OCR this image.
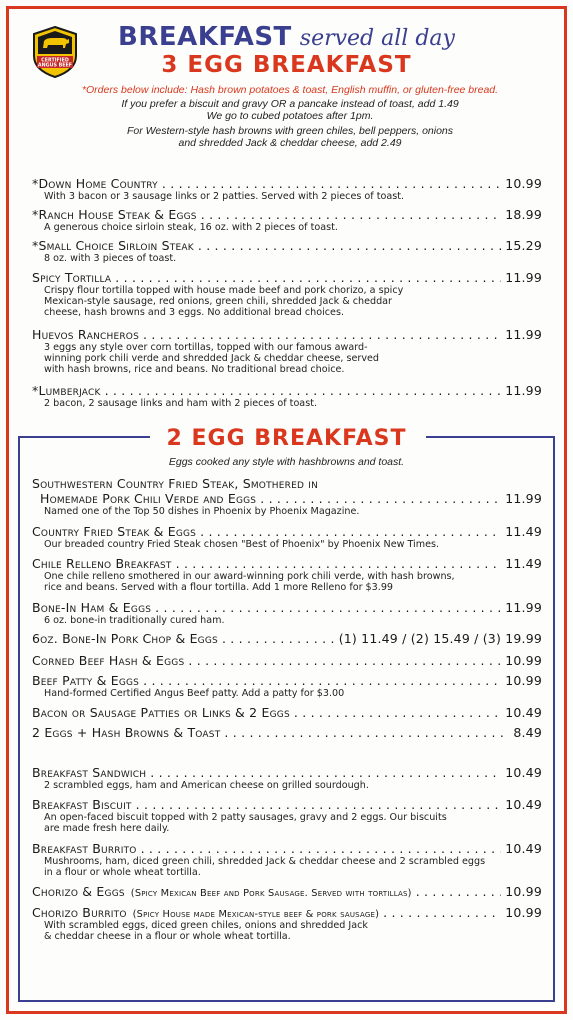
CERTIFIED
ANGUS BEEF
BREAKFAST served all day
3 EGG BREAKFAST
*Orders below include: Hash brown potatoes & toast, English muffin, or gluten-free bread.
If you prefer a biscuit and gravy OR a pancake instead of toast, add 1.49
We go to cubed potatoes after 1pm.
For Western-style hash browns with green chiles, bell peppers, onions
and shredded Jack & cheddar cheese, add 2.49
*Down Home Country . . .	10.99
With 3 bacon or 3 sausage links or 2 patties. Served with 2 pieces of toast.
*Ranch House Steak & Eggs . . .	18.99
A generous choice sirloin steak, 16 oz. with 2 pieces of toast.
*Small Choice Sirloin Steak . . .	15.29
8 oz. with 3 pieces of toast.
Spicy Tortilla . . .	11.99
Crispy flour tortilla topped with house made beef and pork chorizo, a spicy
Mexican-style sausage, red onions, green chili, shredded Jack & cheddar
cheese, hash browns and 3 eggs. No additional bread choices.
Huevos Rancheros . . .	11.99
3 eggs any style over corn tortillas, topped with our famous award-
winning pork chili verde and shredded Jack & cheddar cheese, served
with hash browns, rice and beans. No traditional bread choice.
*Lumberjack . . .	11.99
2 bacon, 2 sausage links and ham with 2 pieces of toast.
2 EGG BREAKFAST
Eggs cooked any style with hashbrowns and toast.
Southwestern Country Fried Steak, Smothered in
Homemade Pork Chili Verde and Eggs . . .	11.99
Named one of the Top 50 dishes in Phoenix by Phoenix Magazine.
Country Fried Steak & Eggs . . .	11.49
Our breaded country Fried Steak chosen "Best of Phoenix" by Phoenix New Times.
Chile Relleno Breakfast . . .	11.49
One chile relleno smothered in our award-winning pork chili verde, with hash browns,
rice and beans. Served with a flour tortilla. Add 1 more Relleno for $3.99
Bone-In Ham & Eggs . . .	11.99
6 oz. bone-in traditionally cured ham.
6oz. Bone-In Pork Chop & Eggs . . .	(1) 11.49 / (2) 15.49 / (3) 19.99
Corned Beef Hash & Eggs . . .	10.99
Beef Patty & Eggs . . .	10.99
Hand-formed Certified Angus Beef patty. Add a patty for $3.00
Bacon or Sausage Patties or Links & 2 Eggs . . .	10.49
2 Eggs + Hash Browns & Toast . . .	8.49
Breakfast Sandwich . . .	10.49
2 scrambled eggs, ham and American cheese on grilled sourdough.
Breakfast Biscuit . . .	10.49
An open-faced biscuit topped with 2 patty sausages, gravy and 2 eggs. Our biscuits
are made fresh here daily.
Breakfast Burrito . . .	10.49
Mushrooms, ham, diced green chili, shredded Jack & cheddar cheese and 2 scrambled eggs
in a flour or whole wheat tortilla.
Chorizo & Eggs (Spicy Mexican Beef and Pork Sausage. Served with tortillas) . . .	10.99
Chorizo Burrito (Spicy House made Mexican-style beef & pork sausage) . . .	10.99
With scrambled eggs, diced green chiles, onions and shredded Jack
& cheddar cheese in a flour or whole wheat tortilla.
